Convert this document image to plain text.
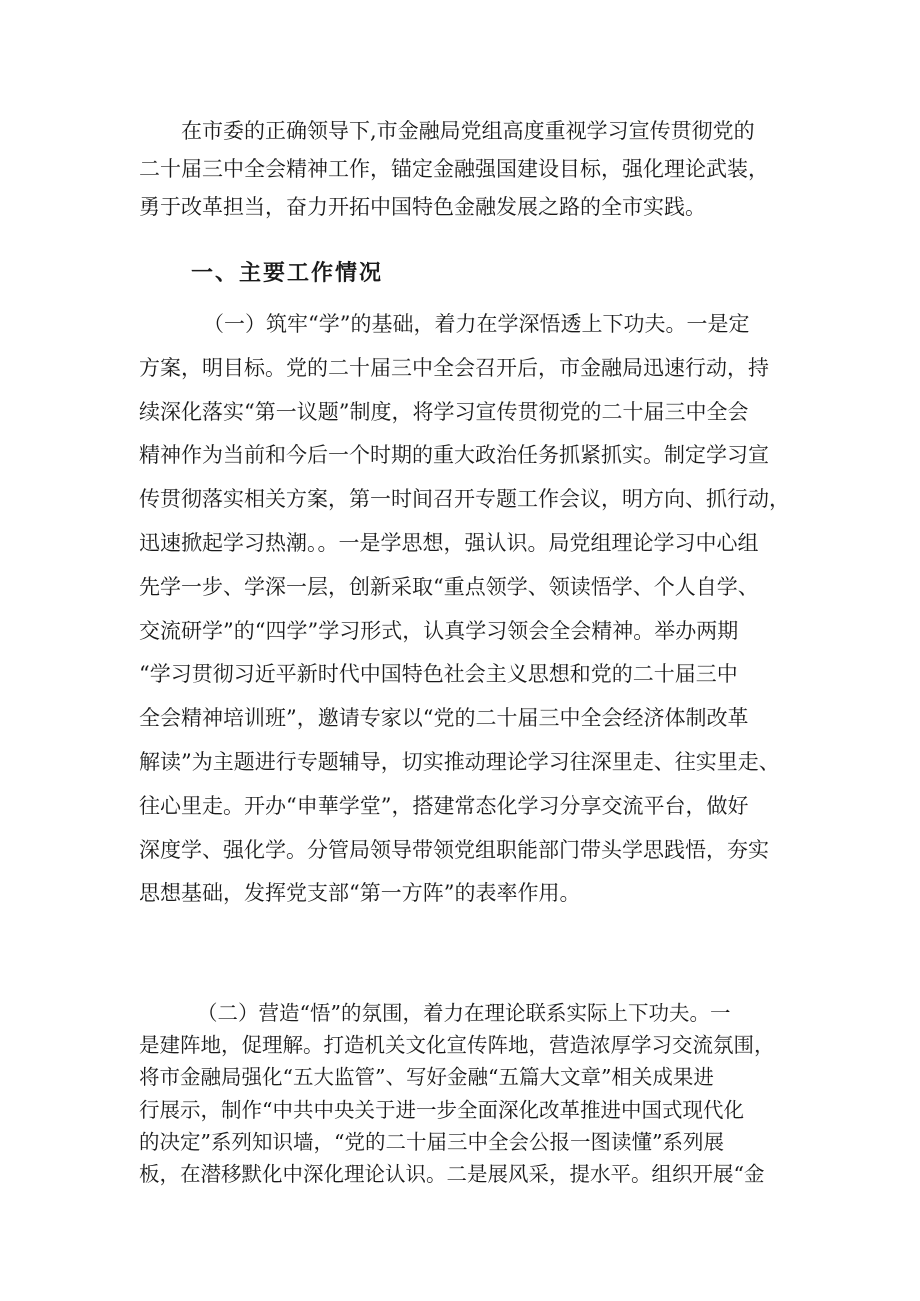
在市委的正确领导下,市金融局党组高度重视学习宣传贯彻党的
二十届三中全会精神工作，锚定金融强国建设目标，强化理论武装，
勇于改革担当，奋力开拓中国特色金融发展之路的全市实践。
一、主要工作情况
（一）筑牢“学”的基础，着力在学深悟透上下功夫。一是定
方案，明目标。党的二十届三中全会召开后，市金融局迅速行动，持
续深化落实“第一议题”制度，将学习宣传贯彻党的二十届三中全会
精神作为当前和今后一个时期的重大政治任务抓紧抓实。制定学习宣
传贯彻落实相关方案，第一时间召开专题工作会议，明方向、抓行动，
迅速掀起学习热潮。。一是学思想，强认识。局党组理论学习中心组
先学一步、学深一层，创新采取“重点领学、领读悟学、个人自学、
交流研学”的“四学”学习形式，认真学习领会全会精神。举办两期
“学习贯彻习近平新时代中国特色社会主义思想和党的二十届三中
全会精神培训班”，邀请专家以“党的二十届三中全会经济体制改革
解读”为主题进行专题辅导，切实推动理论学习往深里走、往实里走、
往心里走。开办“申華学堂”，搭建常态化学习分享交流平台，做好
深度学、强化学。分管局领导带领党组职能部门带头学思践悟，夯实
思想基础，发挥党支部“第一方阵”的表率作用。
（二）营造“悟”的氛围，着力在理论联系实际上下功夫。一
是建阵地，促理解。打造机关文化宣传阵地，营造浓厚学习交流氛围，
将市金融局强化“五大监管”、写好金融“五篇大文章”相关成果进
行展示，制作“中共中央关于进一步全面深化改革推进中国式现代化
的决定”系列知识墙，“党的二十届三中全会公报一图读懂”系列展
板，在潜移默化中深化理论认识。二是展风采，提水平。组织开展“金
